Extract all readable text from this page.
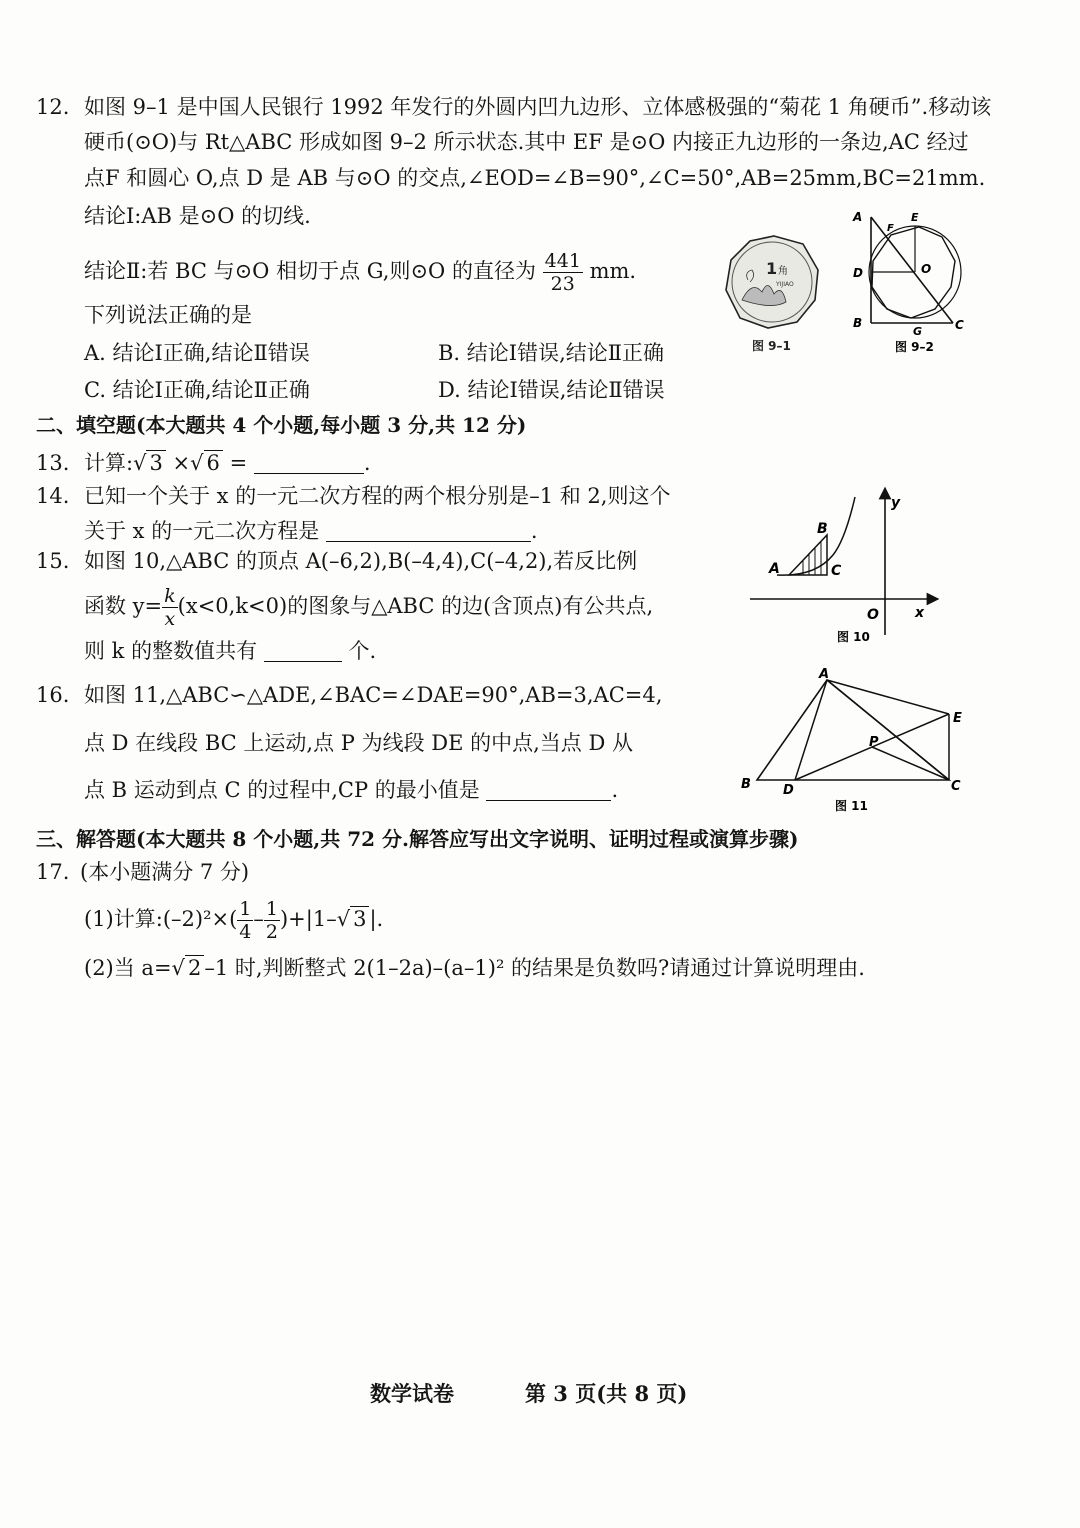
12. 如图 9–1 是中国人民银行 1992 年发行的外圆内凹九边形、立体感极强的“菊花 1 角硬币”.移动该
硬币(⊙O)与 Rt△ABC 形成如图 9–2 所示状态.其中 EF 是⊙O 内接正九边形的一条边,AC 经过
点F 和圆心 O,点 D 是 AB 与⊙O 的交点,∠EOD=∠B=90°,∠C=50°,AB=25mm,BC=21mm.
结论Ⅰ:AB 是⊙O 的切线.
结论Ⅱ:若 BC 与⊙O 相切于点 G,则⊙O 的直径为 $\frac{441}{23}$ mm.
下列说法正确的是
A. 结论Ⅰ正确,结论Ⅱ错误	B. 结论Ⅰ错误,结论Ⅱ正确
C. 结论Ⅰ正确,结论Ⅱ正确	D. 结论Ⅰ错误,结论Ⅱ错误
1 角
YIJIAO
图 9–1
A	E
F
D	O
B
G	C
图 9–2
二、填空题(本大题共 4 个小题,每小题 3 分,共 12 分)
13. 计算:√ 3 ×√ 6 =	.
14. 已知一个关于 x 的一元二次方程的两个根分别是–1 和 2,则这个
关于 x 的一元二次方程是	.
15. 如图 10,△ABC 的顶点 A(–6,2),B(–4,4),C(–4,2),若反比例
函数 $y= \frac{k}{x} (x<0,k<0)$的图象与△ABC 的边(含顶点)有公共点,
则 k 的整数值共有	个.
y
x
O
A
B
C
图 10
16. 如图 11,△ABC∽△ADE,∠BAC=∠DAE=90°,AB=3,AC=4,
点 D 在线段 BC 上运动,点 P 为线段 DE 的中点,当点 D 从
点 B 运动到点 C 的过程中,CP 的最小值是	.
A
E
P
B D	C
图 11
三、解答题(本大题共 8 个小题,共 72 分.解答应写出文字说明、证明过程或演算步骤)
17. (本小题满分 7 分)
(1)计算:(–2)²×( $\frac{1}{4} - \frac{1}{2} )+|1-√$ 3 |.
(2)当 a=√ 2 –1 时,判断整式 2(1–2a)–(a–1)² 的结果是负数吗?请通过计算说明理由.
数学试卷	第 3 页(共 8 页)
